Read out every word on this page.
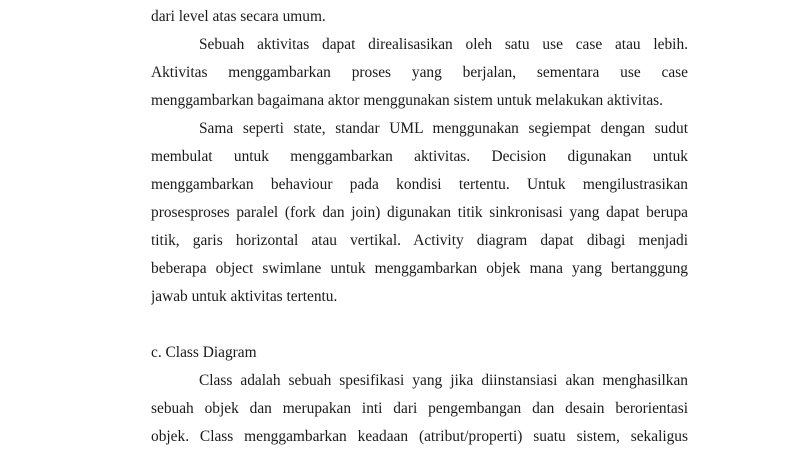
dari level atas secara umum.
Sebuah aktivitas dapat direalisasikan oleh satu use case atau lebih.
Aktivitas menggambarkan proses yang berjalan, sementara use case
menggambarkan bagaimana aktor menggunakan sistem untuk melakukan aktivitas.
Sama seperti state, standar UML menggunakan segiempat dengan sudut
membulat untuk menggambarkan aktivitas. Decision digunakan untuk
menggambarkan behaviour pada kondisi tertentu. Untuk mengilustrasikan
prosesproses paralel (fork dan join) digunakan titik sinkronisasi yang dapat berupa
titik, garis horizontal atau vertikal. Activity diagram dapat dibagi menjadi
beberapa object swimlane untuk menggambarkan objek mana yang bertanggung
jawab untuk aktivitas tertentu.
c. Class Diagram
Class adalah sebuah spesifikasi yang jika diinstansiasi akan menghasilkan
sebuah objek dan merupakan inti dari pengembangan dan desain berorientasi
objek. Class menggambarkan keadaan (atribut/properti) suatu sistem, sekaligus
